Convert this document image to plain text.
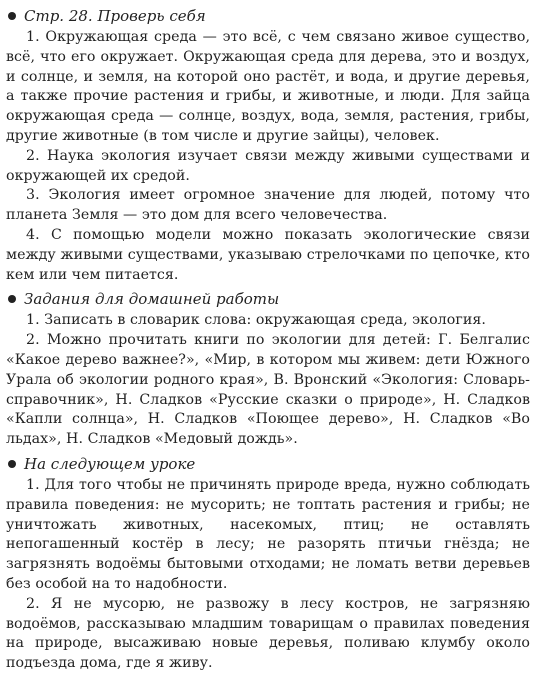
Стр. 28. Проверь себя

1. Окружающая среда — это всё, с чем связано живое существо, всё, что его окружает. Окружающая среда для дерева, это и воздух, и солнце, и земля, на которой оно растёт, и вода, и другие деревья, а также прочие растения и грибы, и животные, и люди. Для зайца окружающая среда — солнце, воздух, вода, земля, растения, грибы, другие животные (в том числе и другие зайцы), человек.

2. Наука экология изучает связи между живыми существами и окружающей их средой.

3. Экология имеет огромное значение для людей, потому что планета Земля — это дом для всего человечества.

4. С помощью модели можно показать экологические связи между живыми существами, указываю стрелочками по цепочке, кто кем или чем питается.

Задания для домашней работы

1. Записать в словарик слова: окружающая среда, экология.

2. Можно прочитать книги по экологии для детей: Г. Белгалис «Какое дерево важнее?», «Мир, в котором мы живем: дети Южного Урала об экологии родного края», В. Вронский «Экология: Словарь-справочник», Н. Сладков «Русские сказки о природе», Н. Сладков «Капли солнца», Н. Сладков «Поющее дерево», Н. Сладков «Во льдах», Н. Сладков «Медовый дождь».

На следующем уроке

1. Для того чтобы не причинять природе вреда, нужно соблюдать правила поведения: не мусорить; не топтать растения и грибы; не уничтожать животных, насекомых, птиц; не оставлять непогашенный костёр в лесу; не разорять птичьи гнёзда; не загрязнять водоёмы бытовыми отходами; не ломать ветви деревьев без особой на то надобности.

2. Я не мусорю, не развожу в лесу костров, не загрязняю водоёмов, рассказываю младшим товарищам о правилах поведения на природе, высаживаю новые деревья, поливаю клумбу около подъезда дома, где я живу.
